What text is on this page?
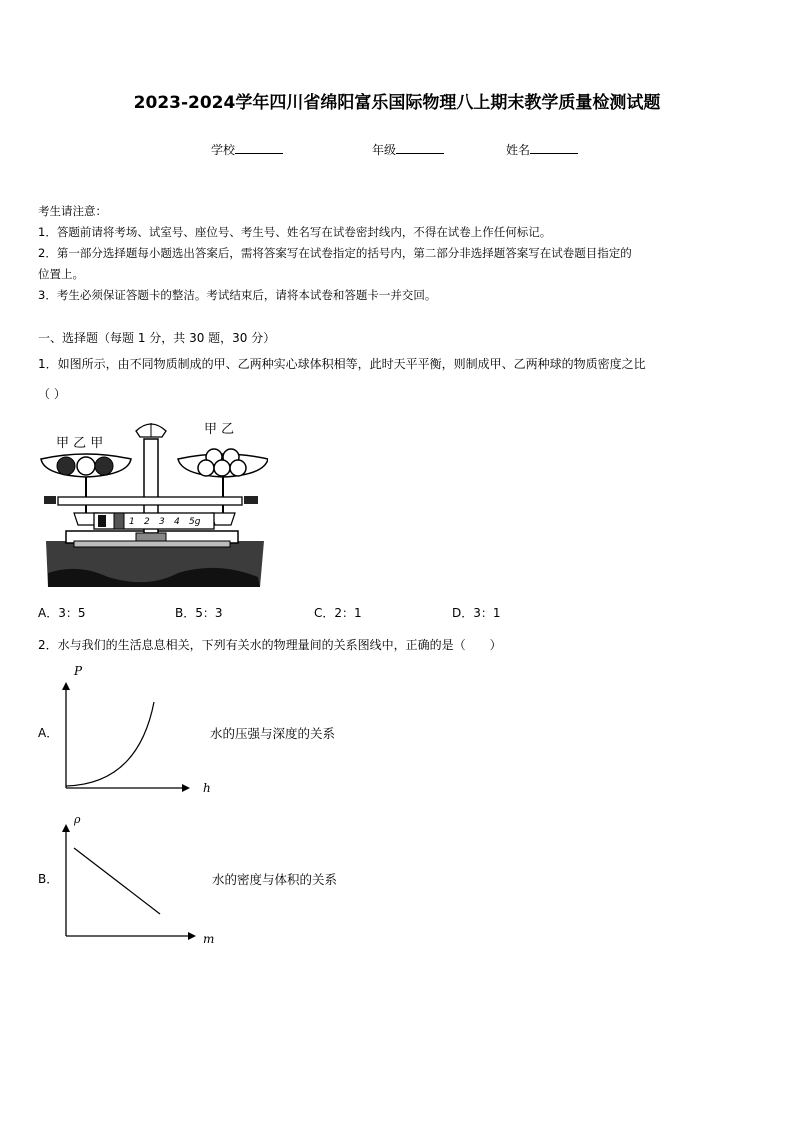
2023-2024学年四川省绵阳富乐国际物理八上期末教学质量检测试题
学校	年级	姓名
考生请注意：
1．答题前请将考场、试室号、座位号、考生号、姓名写在试卷密封线内，不得在试卷上作任何标记。
2．第一部分选择题每小题选出答案后，需将答案写在试卷指定的括号内，第二部分非选择题答案写在试卷题目指定的
位置上。
3．考生必须保证答题卡的整洁。考试结束后，请将本试卷和答题卡一并交回。
一、选择题（每题 1 分，共 30 题，30 分）
1．如图所示，由不同物质制成的甲、乙两种实心球体积相等，此时天平平衡，则制成甲、乙两种球的物质密度之比
（ ）
甲 乙 甲
甲 乙
1 2 3 4 5g
A．3：5	B．5：3	C．2：1	D．3：1
2．水与我们的生活息息相关，下列有关水的物理量间的关系图线中，正确的是（　　）
A．
P
h
水的压强与深度的关系
B．
ρ
m
水的密度与体积的关系
